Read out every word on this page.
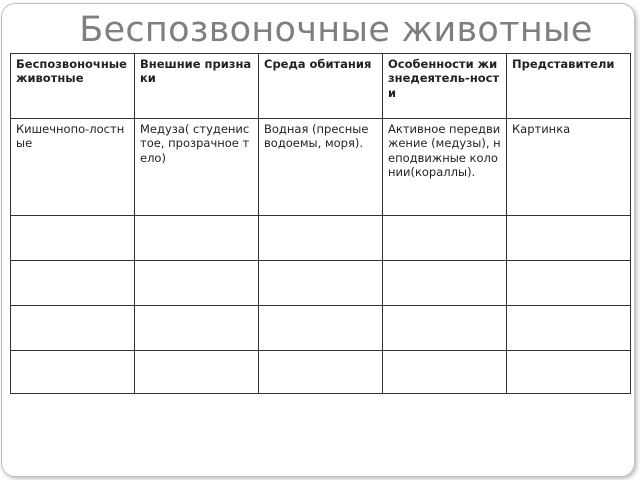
Беспозвоночные животные
Беспозвоночные животные	Внешние признаки	Среда обитания	Особенности жизнедеятель-ности	Представители
Кишечнопо-лостные	Медуза( студенистое, прозрачное тело)	Водная (пресные водоемы, моря).	Активное передвижение (медузы), неподвижные колонии(кораллы).	Картинка
